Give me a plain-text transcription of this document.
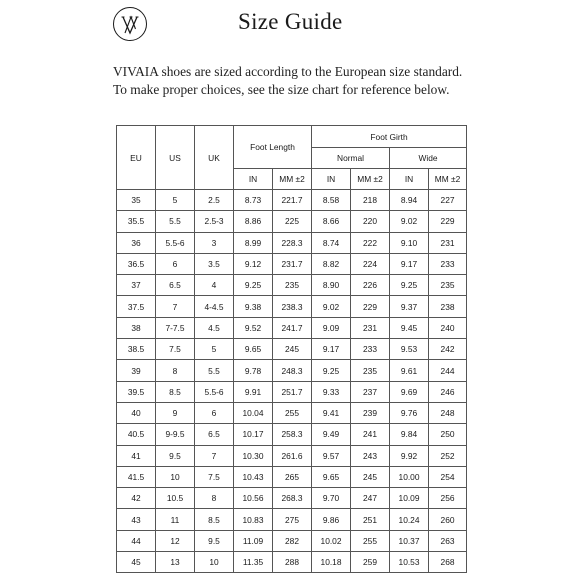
Size Guide
VIVAIA shoes are sized according to the European size standard.
To make proper choices, see the size chart for reference below.
EU	US	UK	Foot Length		Foot Girth			
					Normal		Wide	
			IN	MM ±2	IN	MM ±2	IN	MM ±2
35	5	2.5	8.73	221.7	8.58	218	8.94	227
35.5	5.5	2.5-3	8.86	225	8.66	220	9.02	229
36	5.5-6	3	8.99	228.3	8.74	222	9.10	231
36.5	6	3.5	9.12	231.7	8.82	224	9.17	233
37	6.5	4	9.25	235	8.90	226	9.25	235
37.5	7	4-4.5	9.38	238.3	9.02	229	9.37	238
38	7-7.5	4.5	9.52	241.7	9.09	231	9.45	240
38.5	7.5	5	9.65	245	9.17	233	9.53	242
39	8	5.5	9.78	248.3	9.25	235	9.61	244
39.5	8.5	5.5-6	9.91	251.7	9.33	237	9.69	246
40	9	6	10.04	255	9.41	239	9.76	248
40.5	9-9.5	6.5	10.17	258.3	9.49	241	9.84	250
41	9.5	7	10.30	261.6	9.57	243	9.92	252
41.5	10	7.5	10.43	265	9.65	245	10.00	254
42	10.5	8	10.56	268.3	9.70	247	10.09	256
43	11	8.5	10.83	275	9.86	251	10.24	260
44	12	9.5	11.09	282	10.02	255	10.37	263
45	13	10	11.35	288	10.18	259	10.53	268
